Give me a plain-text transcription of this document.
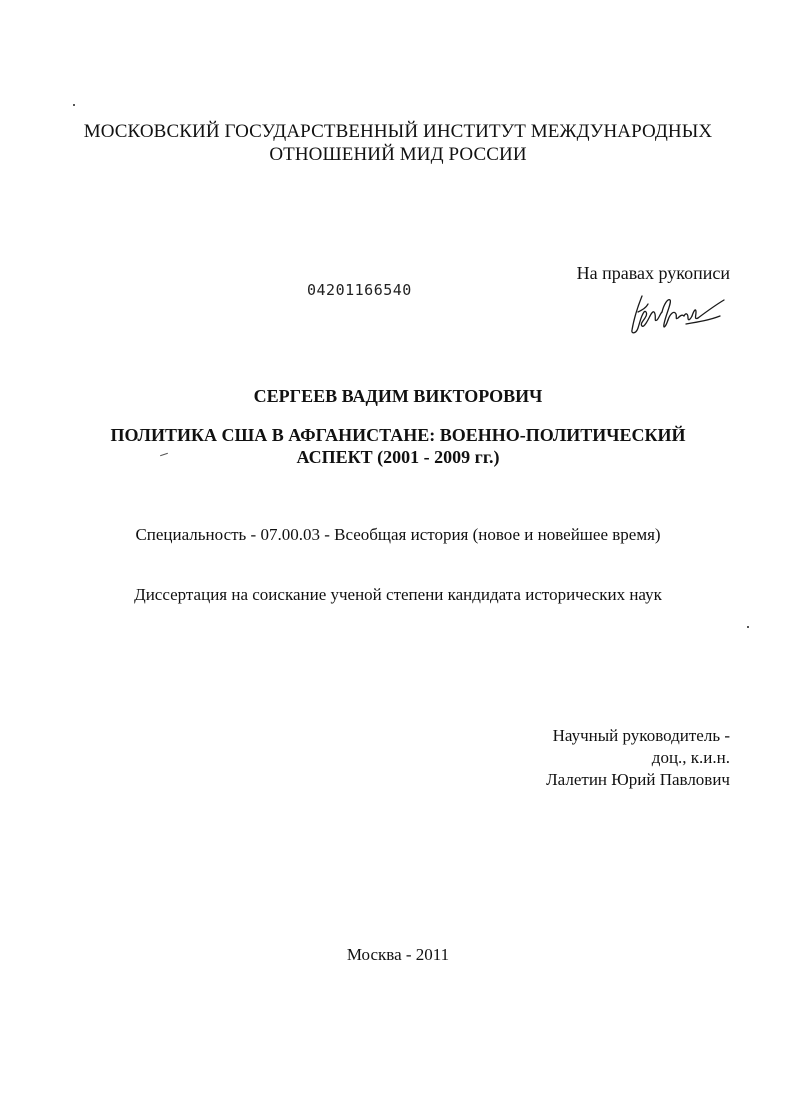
МОСКОВСКИЙ ГОСУДАРСТВЕННЫЙ ИНСТИТУТ МЕЖДУНАРОДНЫХ
ОТНОШЕНИЙ МИД РОССИИ
На правах рукописи
04201166540
СЕРГЕЕВ ВАДИМ ВИКТОРОВИЧ
ПОЛИТИКА США В АФГАНИСТАНЕ: ВОЕННО-ПОЛИТИЧЕСКИЙ
АСПЕКТ (2001 - 2009 гг.)
Специальность - 07.00.03 - Всеобщая история (новое и новейшее время)
Диссертация на соискание ученой степени кандидата исторических наук
Научный руководитель -
доц., к.и.н.
Лалетин Юрий Павлович
Москва - 2011
